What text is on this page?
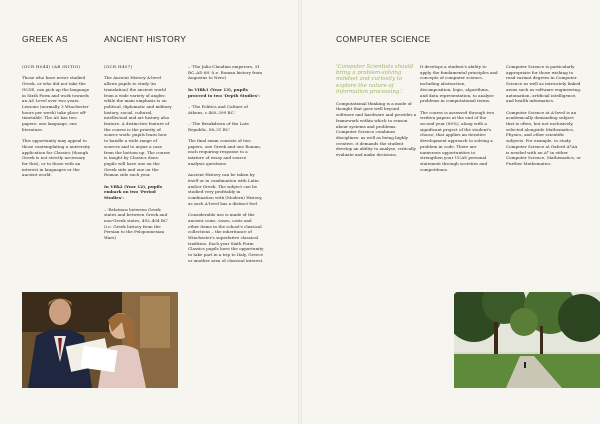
GREEK AS

(OCR H044) (AB INITIO)

Those who have never studied Greek, or who did not take the GCSE, can pick up the language in Sixth Form and work towards an AS Level over two years. Lessons (normally 3 Winchester hours per week) take place off-timetable. The AS has two papers: one language, one literature.

This opportunity may appeal to those contemplating a university application for Classics (though Greek is not strictly necessary for this), or to those with an interest in languages or the ancient world.

ANCIENT HISTORY

(OCR H407)

The Ancient History A-level allows pupils to study (in translation) the ancient world from a wide variety of angles: while the main emphasis is on political, diplomatic and military history, social, cultural, intellectual and art history also feature. A distinctive feature of the course is the priority of source work: pupils learn how to handle a wide range of sources and to argue a case from the bottom up. The course is taught by Classics dons: pupils will have one on the Greek side and one on the Roman side each year.

In VBk2 (Year 12), pupils embark on two 'Period Studies':

– 'Relations between Greek states and between Greek and non-Greek states, 492–404 BC' (i.e. Greek history from the Persian to the Peloponnesian Wars)

– 'The Julio-Claudian emperors, 31 BC–AD 68' (i.e. Roman history from Augustus to Nero)

In VIBk1 (Year 13), pupils proceed to two 'Depth Studies':

– 'The Politics and Culture of Athens, c.460–399 BC'

– 'The Breakdown of the Late Republic, 88–31 BC'

The final exam consists of two papers, one Greek and one Roman, each requiring response to a mixture of essay and source analysis questions.

Ancient History can be taken by itself or in combination with Latin and/or Greek. The subject can be studied very profitably in combination with (Modern) History, as such A-level has a distinct feel.

Considerable use is made of the ancient coins, vases, casts and other items in the school's classical collections – the inheritance of Winchester's superlative classical tradition. Each year Sixth Form Classics pupils have the opportunity to take part in a trip to Italy, Greece or another area of classical interest.

COMPUTER SCIENCE

'Computer Scientists should bring a problem-solving mindset and curiosity to explore the nature of information processing.'

Computational thinking is a mode of thought that goes well beyond software and hardware and provides a framework within which to reason about systems and problems. Computer Science combines disciplines: as well as being highly creative, it demands the student develop an ability to analyse, critically evaluate and make decisions.

It develops a student's ability to apply the fundamental principles and concepts of computer science, including abstraction, decomposition, logic, algorithms, and data representation, to analyse problems in computational terms.

The course is assessed through two written papers at the end of the second year (80%), along with a significant project of the student's choice, that applies an iterative development approach to solving a problem in code. There are numerous opportunities to strengthen your UCAS personal statement through societies and competitions.

Computer Science is particularly appropriate for those wishing to read variant degrees in Computer Science as well as intricately linked areas such as software engineering, automation, artificial intelligence, and health informatics.

Computer Science at A-level is an academically demanding subject that is often, but not exclusively, selected alongside Mathematics, Physics, and other scientific subjects. For example, to study Computer Science at Oxford A*AA is needed with an A* in either Computer Science, Mathematics, or Further Mathematics.
